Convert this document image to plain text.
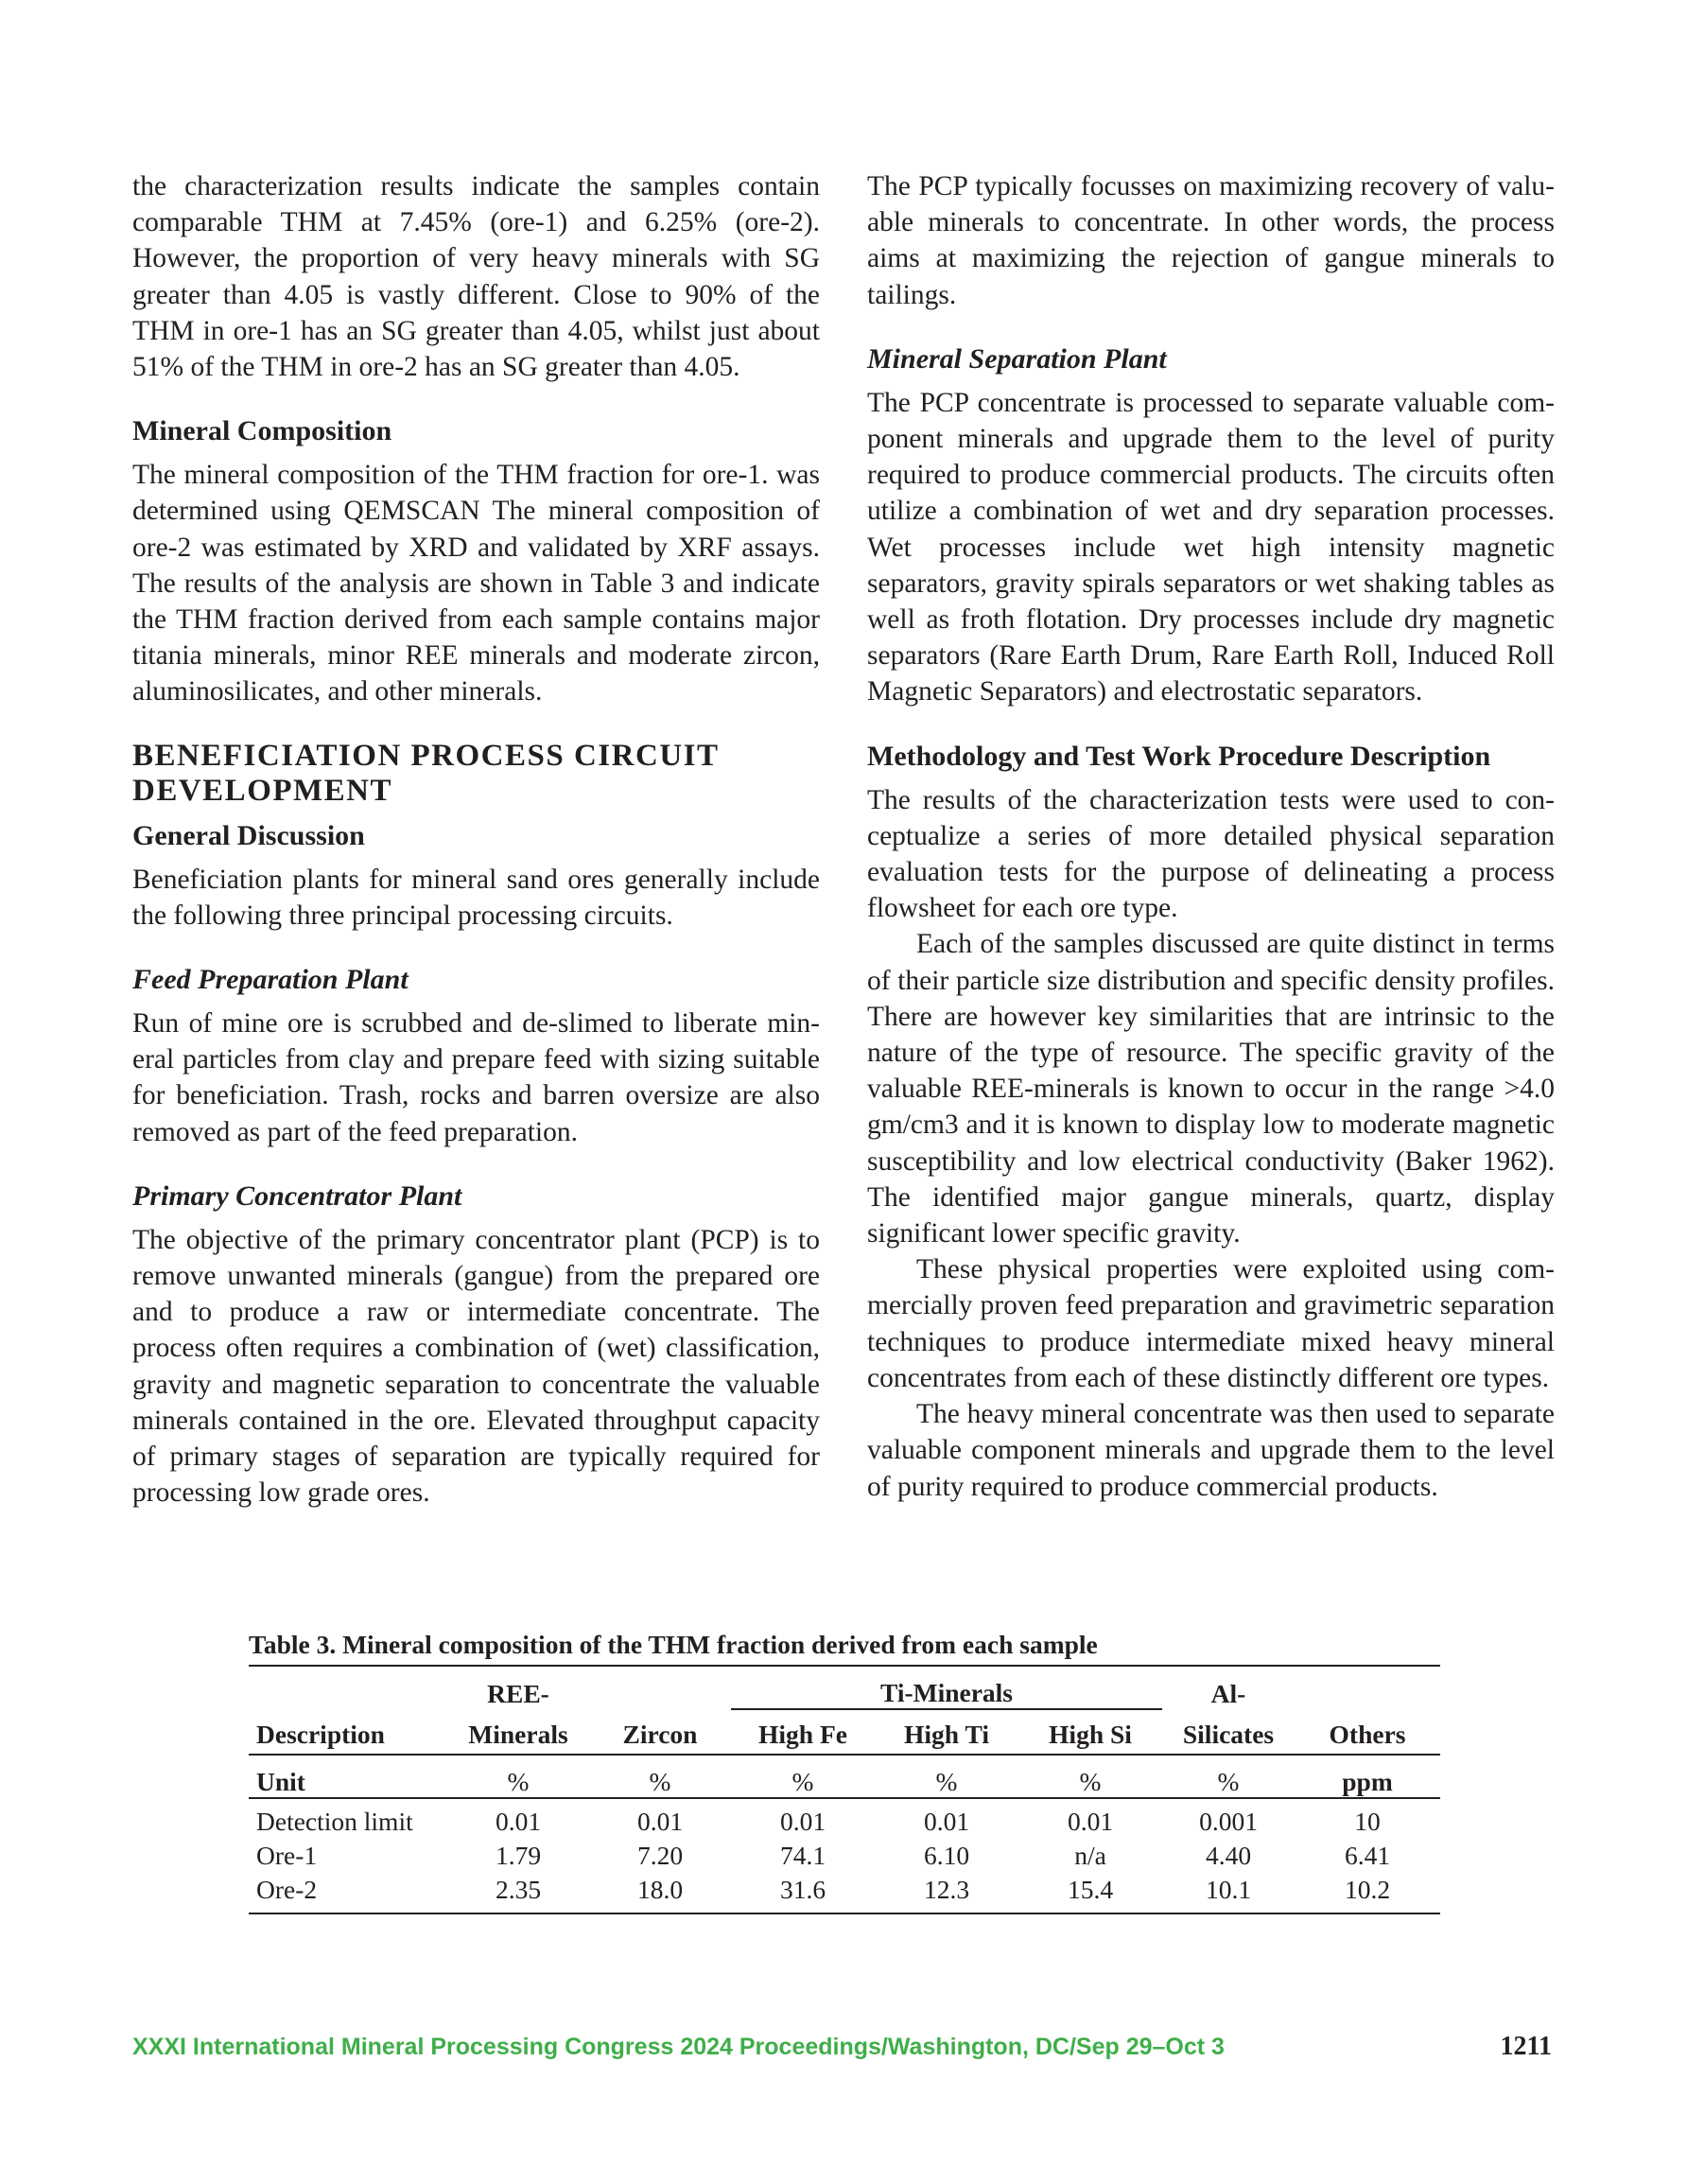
the characterization results indicate the samples contain comparable THM at 7.45% (ore-1) and 6.25% (ore-2). However, the proportion of very heavy minerals with SG greater than 4.05 is vastly different. Close to 90% of the THM in ore-1 has an SG greater than 4.05, whilst just about 51% of the THM in ore-2 has an SG greater than 4.05.

Mineral Composition

The mineral composition of the THM fraction for ore-1. was determined using QEMSCAN The mineral composition of ore-2 was estimated by XRD and validated by XRF assays. The results of the analysis are shown in Table 3 and indicate the THM fraction derived from each sample contains major titania minerals, minor REE minerals and moderate zircon, aluminosilicates, and other minerals.

BENEFICIATION PROCESS CIRCUIT DEVELOPMENT
General Discussion

Beneficiation plants for mineral sand ores generally include the following three principal processing circuits.

Feed Preparation Plant

Run of mine ore is scrubbed and de-slimed to liberate mineral particles from clay and prepare feed with sizing suitable for beneficiation. Trash, rocks and barren oversize are also removed as part of the feed preparation.

Primary Concentrator Plant

The objective of the primary concentrator plant (PCP) is to remove unwanted minerals (gangue) from the prepared ore and to produce a raw or intermediate concentrate. The process often requires a combination of (wet) classification, gravity and magnetic separation to concentrate the valuable minerals contained in the ore. Elevated throughput capacity of primary stages of separation are typically required for processing low grade ores.

The PCP typically focusses on maximizing recovery of valuable minerals to concentrate. In other words, the process aims at maximizing the rejection of gangue minerals to tailings.

Mineral Separation Plant

The PCP concentrate is processed to separate valuable component minerals and upgrade them to the level of purity required to produce commercial products. The circuits often utilize a combination of wet and dry separation processes. Wet processes include wet high intensity magnetic separators, gravity spirals separators or wet shaking tables as well as froth flotation. Dry processes include dry magnetic separators (Rare Earth Drum, Rare Earth Roll, Induced Roll Magnetic Separators) and electrostatic separators.

Methodology and Test Work Procedure Description

The results of the characterization tests were used to conceptualize a series of more detailed physical separation evaluation tests for the purpose of delineating a process flowsheet for each ore type.

Each of the samples discussed are quite distinct in terms of their particle size distribution and specific density profiles. There are however key similarities that are intrinsic to the nature of the type of resource. The specific gravity of the valuable REE-minerals is known to occur in the range >4.0 gm/cm3 and it is known to display low to moderate magnetic susceptibility and low electrical conductivity (Baker 1962). The identified major gangue minerals, quartz, display significant lower specific gravity.

These physical properties were exploited using commercially proven feed preparation and gravimetric separation techniques to produce intermediate mixed heavy mineral concentrates from each of these distinctly different ore types.

The heavy mineral concentrate was then used to separate valuable component minerals and upgrade them to the level of purity required to produce commercial products.

Table 3. Mineral composition of the THM fraction derived from each sample
Description	REE-		Ti-Minerals			Al-	
	Minerals	Zircon	High Fe	High Ti	High Si	Silicates	Others
Unit	%	%	%	%	%	%	ppm
Detection limit	0.01	0.01	0.01	0.01	0.01	0.001	10
Ore-1	1.79	7.20	74.1	6.10	n/a	4.40	6.41
Ore-2	2.35	18.0	31.6	12.3	15.4	10.1	10.2
XXXI International Mineral Processing Congress 2024 Proceedings/Washington, DC/Sep 29–Oct 3	1211
